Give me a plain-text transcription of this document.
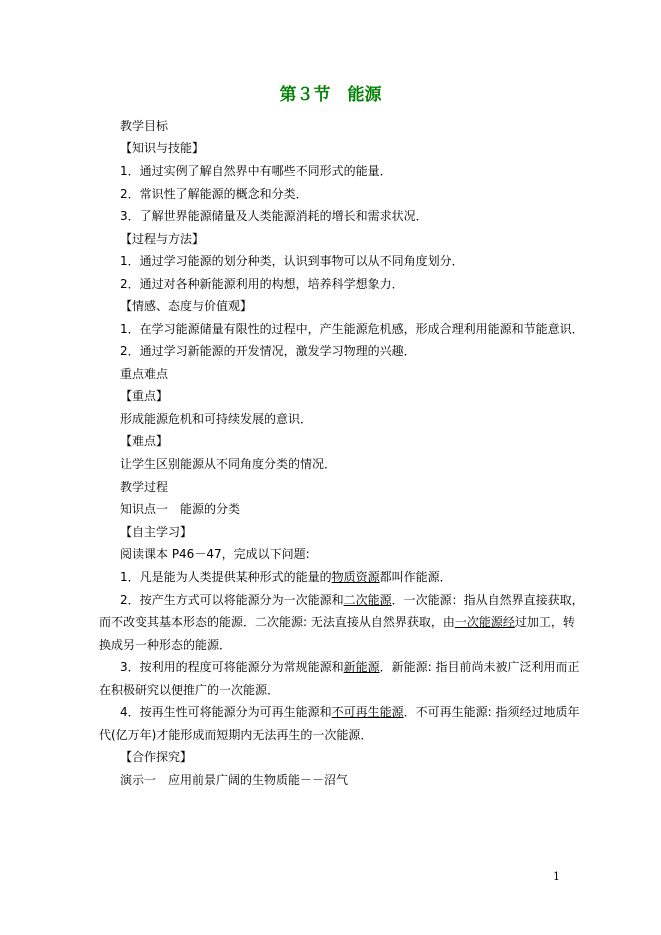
第３节　能源
教学目标
【知识与技能】
1．通过实例了解自然界中有哪些不同形式的能量．
2．常识性了解能源的概念和分类．
3．了解世界能源储量及人类能源消耗的增长和需求状况．
【过程与方法】
1．通过学习能源的划分种类，认识到事物可以从不同角度划分．
2．通过对各种新能源利用的构想，培养科学想象力．
【情感、态度与价值观】
1．在学习能源储量有限性的过程中，产生能源危机感，形成合理利用能源和节能意识．
2．通过学习新能源的开发情况，激发学习物理的兴趣．
重点难点
【重点】
形成能源危机和可持续发展的意识．
【难点】
让学生区别能源从不同角度分类的情况．
教学过程
知识点一　能源的分类
【自主学习】
阅读课本 P46－47，完成以下问题:
1．凡是能为人类提供某种形式的能量的物质资源都叫作能源．
2．按产生方式可以将能源分为一次能源和二次能源．一次能源：指从自然界直接获取，
而不改变其基本形态的能源．二次能源: 无法直接从自然界获取，由一次能源经过加工，转
换成另一种形态的能源．
3．按利用的程度可将能源分为常规能源和新能源．新能源: 指目前尚未被广泛利用而正
在积极研究以便推广的一次能源．
4．按再生性可将能源分为可再生能源和不可再生能源．不可再生能源: 指须经过地质年
代(亿万年)才能形成而短期内无法再生的一次能源．
【合作探究】
演示一　应用前景广阔的生物质能－－沼气
1
